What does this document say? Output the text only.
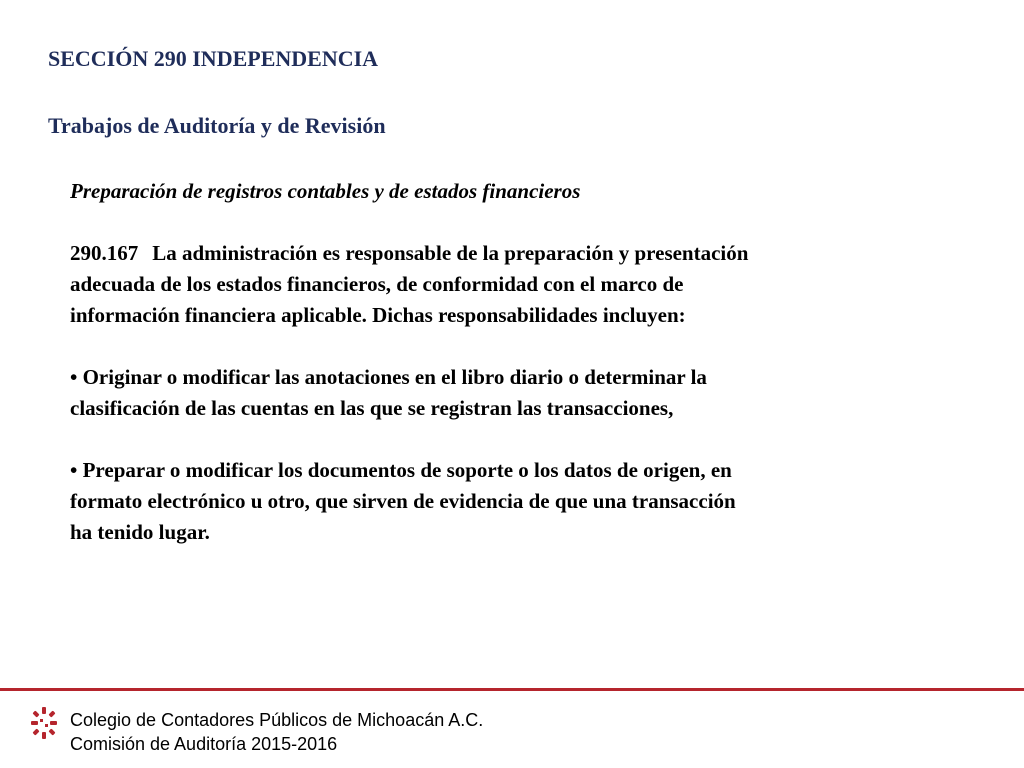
SECCIÓN 290 INDEPENDENCIA
Trabajos de Auditoría y de Revisión

Preparación de registros contables y de estados financieros

290.167 La administración es responsable de la preparación y presentación
adecuada de los estados financieros, de conformidad con el marco de
información financiera aplicable. Dichas responsabilidades incluyen:
• Originar o modificar las anotaciones en el libro diario o determinar la
clasificación de las cuentas en las que se registran las transacciones,
• Preparar o modificar los documentos de soporte o los datos de origen, en
formato electrónico u otro, que sirven de evidencia de que una transacción
ha tenido lugar.
Colegio de Contadores Públicos de Michoacán A.C.
Comisión de Auditoría 2015-2016
